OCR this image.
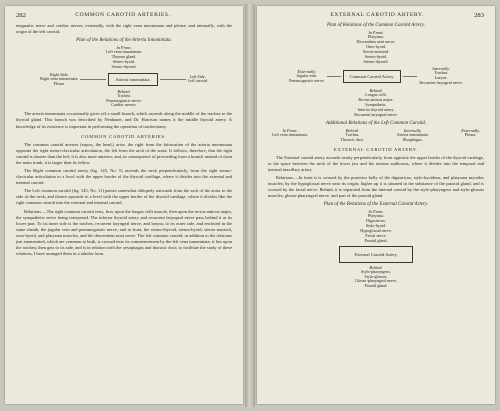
282	COMMON CAROTID ARTERIES.

tenguattic nerve and cardiac nerves; externally, with the right vena innominata and pleura; and internally, with the origin of the left carotid.

Plan of the Relations of the Arteria Innominata.
In Front.
Left vena innominata.
Thymus gland.
Sterno-hyoid.
Sterno-thyroid.
Right Side.
Right vena innominata.
Pleura.
Arteria innominata.	Left Side.
Left carotid.
Behind.
Trachea.
Pneumogastric nerve.
Cardiac nerves.

The arteria innominata occasionally gives off a small branch, which ascends along the middle of the trachea to the thyroid gland. This branch was described by Neubauer, and Dr. Harrison names it the middle thyroid artery. A knowledge of its existence is important in performing the operation of tracheotomy.

COMMON CAROTID ARTERIES.

The common carotid arteries (καρος, the head,) arise, the right from the bifurcation of the arteria innominata opposite the right sterno-clavicular articulation, the left from the arch of the aorta. It follows, therefore, that the right carotid is shorter than the left; it is also more anterior; and, in consequence of proceeding from a branch instead of from the main trunk, it is larger than its fellow.

The Right common carotid artery (fig. 145, No. 5) ascends the neck perpendicularly, from the right sterno-clavicular articulation to a level with the upper border of the thyroid cartilage, where it divides into the external and internal carotid.

The Left common carotid (fig. 145, No. 11) passes somewhat obliquely outwards from the arch of the aorta to the side of the neck, and thence upwards to a level with the upper border of the thyroid cartilage, where it divides like the right common carotid into the external and internal carotid.

Relations.—The right common carotid rests, first, upon the longus colli muscle, then upon the rectus anticus major, the sympathetic nerve being interposed. The inferior thyroid artery and recurrent laryngeal nerve pass behind it at its lower part. To its inner side is the trachea, recurrent laryngeal nerve, and larynx; to its outer side, and enclosed in the same sheath, the jugular vein and pneumogastric nerve; and in front, the sterno-thyroid, sterno-hyoid, sterno-mastoid, omo-hyoid, and platysma muscles, and the descendens noni nerve. The left common carotid, in addition to the relations just enumerated, which are common to both, is crossed near its commencement by the left vena innominata; it lies upon the trachea; then gets to its side, and is in relation with the oesophagus and thoracic duct; to facilitate the study of these relations, I have arranged them in a tabular form.

EXTERNAL CAROTID ARTERY.	283
Plan of Relations of the Common Carotid Artery.
In Front.
Platysma.
Descendens noni nerve.
Omo-hyoid.
Sterno-mastoid.
Sterno-hyoid.
Sterno-thyroid.
Externally.
Jugular vein.
Pneumogastric nerve.
Common Carotid Artery.
Internally.
Trachea.
Larynx.
Recurrent laryngeal nerve.
Behind.
Longus colli.
Rectus anticus major.
Sympathetic.
Inferior thyroid artery.
Recurrent laryngeal nerve.
Additional Relations of the Left Common Carotid.
In Front.
Left vena innominata.
Behind.
Trachea.
Thoracic duct.
Internally.
Arteria innominata.
Œsophagus.
Externally.
Pleura.
EXTERNAL CAROTID ARTERY.

The External carotid artery ascends nearly perpendicularly from opposite the upper border of the thyroid cartilage, to the space between the neck of the lower jaw and the meatus auditorius, where it divides into the temporal and internal maxillary artery.

Relations.—In front it is crossed by the posterior belly of the digastricus, stylo-hyoideus, and platysma myoides muscles; by the hypoglossal nerve near its origin; higher up it is situated in the substance of the parotid gland, and is crossed by the facial nerve. Behind, it is separated from the internal carotid by the stylo-pharyngeus and stylo-glossus muscles, glosso-pharyngeal nerve, and part of the parotid gland.

Plan of the Relations of the External Carotid Artery.
In Front.
Platysma.
Digastricus.
Stylo-hyoid.
Hypoglossal nerve.
Facial nerve.
Parotid gland.
External Carotid Artery.
Behind.
Stylo-pharyngeus.
Stylo-glossus.
Glosso-pharyngeal nerve.
Parotid gland.
